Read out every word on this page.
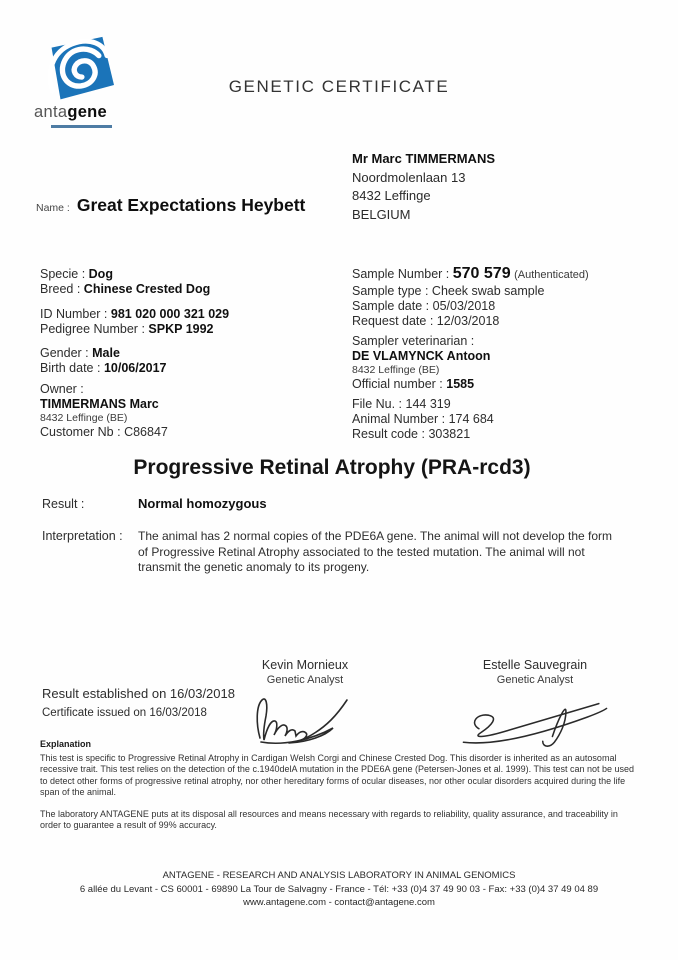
antagene
GENETIC CERTIFICATE
Mr Marc TIMMERMANS
Noordmolenlaan 13
8432 Leffinge
BELGIUM
Name : Great Expectations Heybett
Specie : Dog
Breed : Chinese Crested Dog
ID Number : 981 020 000 321 029
Pedigree Number : SPKP 1992
Gender : Male
Birth date : 10/06/2017
Owner :
TIMMERMANS Marc
8432 Leffinge (BE)
Customer Nb : C86847
Sample Number : 570 579 (Authenticated)
Sample type : Cheek swab sample
Sample date : 05/03/2018
Request date : 12/03/2018
Sampler veterinarian :
DE VLAMYNCK Antoon
8432 Leffinge (BE)
Official number : 1585
File Nu. : 144 319
Animal Number : 174 684
Result code : 303821
Progressive Retinal Atrophy (PRA-rcd3)
Result :	Normal homozygous
Interpretation : The animal has 2 normal copies of the PDE6A gene. The animal will not develop the form of Progressive Retinal Atrophy associated to the tested mutation. The animal will not transmit the genetic anomaly to its progeny.
Kevin Mornieux
Genetic Analyst
Estelle Sauvegrain
Genetic Analyst
Result established on 16/03/2018
Certificate issued on 16/03/2018
Explanation

This test is specific to Progressive Retinal Atrophy in Cardigan Welsh Corgi and Chinese Crested Dog. This disorder is inherited as an autosomal recessive trait. This test relies on the detection of the c.1940delA mutation in the PDE6A gene (Petersen-Jones et al. 1999). This test can not be used to detect other forms of progressive retinal atrophy, nor other hereditary forms of ocular diseases, nor other ocular disorders acquired during the life span of the animal.

The laboratory ANTAGENE puts at its disposal all resources and means necessary with regards to reliability, quality assurance, and traceability in order to guarantee a result of 99% accuracy.

ANTAGENE - RESEARCH AND ANALYSIS LABORATORY IN ANIMAL GENOMICS
6 allée du Levant - CS 60001 - 69890 La Tour de Salvagny - France - Tél: +33 (0)4 37 49 90 03 - Fax: +33 (0)4 37 49 04 89
www.antagene.com - contact@antagene.com
